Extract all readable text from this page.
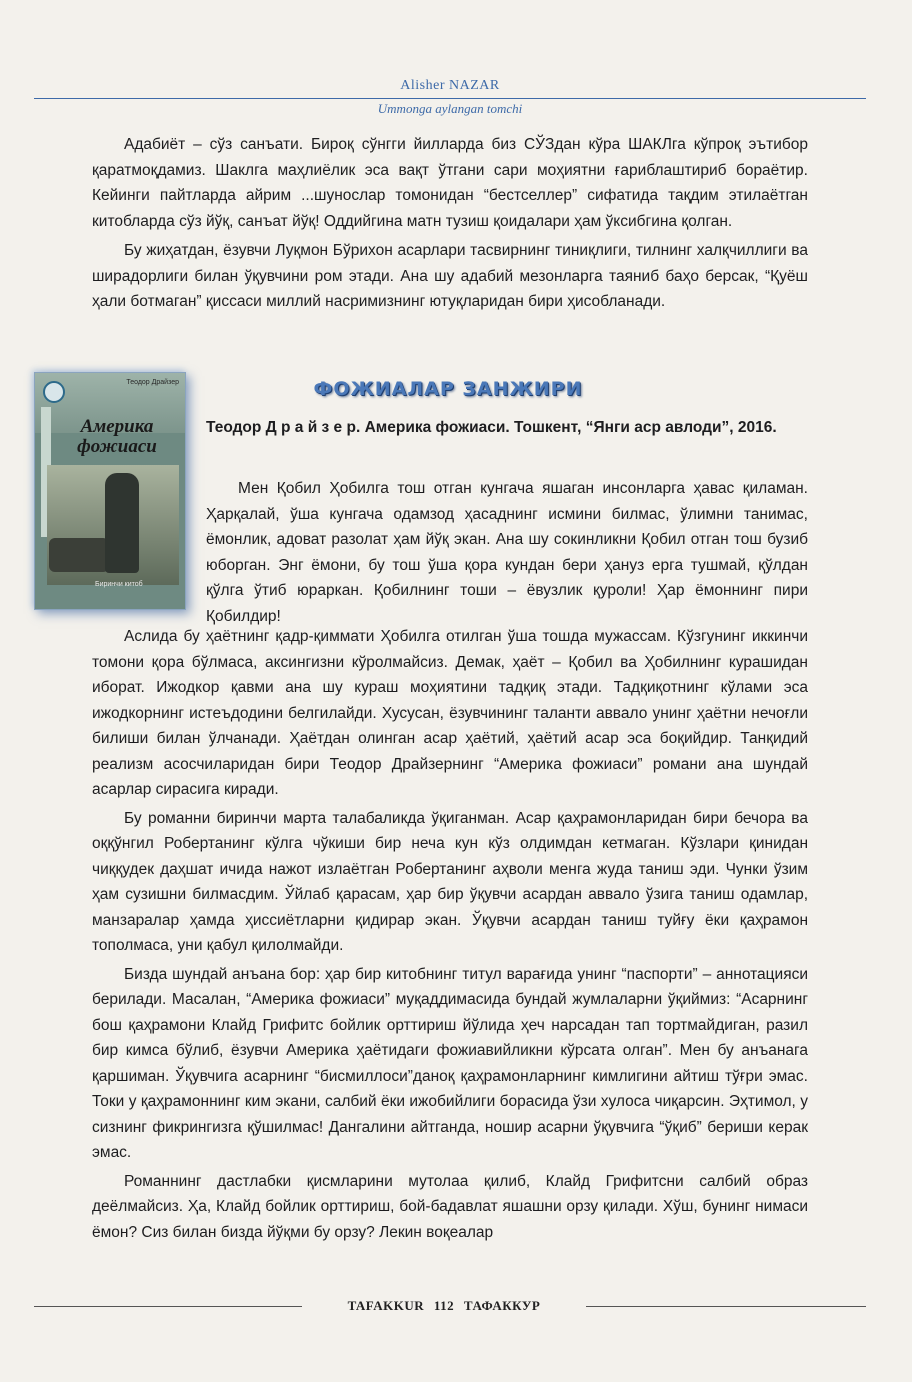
Alisher NAZAR
Ummonga aylangan tomchi

Адабиёт – сўз санъати. Бироқ сўнгги йилларда биз СЎЗдан кўра ШАКЛга кўпроқ эътибор қаратмоқдамиз. Шаклга маҳлиёлик эса вақт ўтгани сари моҳиятни ғариблаштириб бораётир. Кейинги пайтларда айрим ...шунослар томонидан “бестселлер” сифатида тақдим этилаётган китобларда сўз йўқ, санъат йўқ! Оддийгина матн тузиш қоидалари ҳам ўксибгина қолган.

Бу жиҳатдан, ёзувчи Луқмон Бўрихон асарлари тасвирнинг тиниқлиги, тилнинг халқчиллиги ва ширадорлиги билан ўқувчини ром этади. Ана шу адабий мезонларга таяниб баҳо берсак, “Қуёш ҳали ботмаган” қиссаси миллий насримизнинг ютуқларидан бири ҳисобланади.

Теодор Драйзер
Америка фожиаси
Биринчи китоб
ФОЖИАЛАР ЗАНЖИРИ
Теодор Д р а й з е р. Америка фожиаси. Тошкент, “Янги аср авлоди”, 2016.

Мен Қобил Ҳобилга тош отган кунгача яшаган инсонларга ҳавас қиламан. Ҳарқалай, ўша кунгача одамзод ҳасаднинг исмини билмас, ўлимни танимас, ёмонлик, адоват разолат ҳам йўқ экан. Ана шу сокинликни Қобил отган тош бузиб юборган. Энг ёмони, бу тош ўша қора кундан бери ҳануз ерга тушмай, қўлдан қўлга ўтиб юраркан. Қобилнинг тоши – ёвузлик қуроли! Ҳар ёмоннинг пири Қобилдир!

Аслида бу ҳаётнинг қадр-қиммати Ҳобилга отилган ўша тошда мужассам. Кўзгунинг иккинчи томони қора бўлмаса, аксингизни кўролмайсиз. Демак, ҳаёт – Қобил ва Ҳобилнинг курашидан иборат. Ижодкор қавми ана шу кураш моҳиятини тадқиқ этади. Тадқиқотнинг кўлами эса ижодкорнинг истеъдодини белгилайди. Хусусан, ёзувчининг таланти аввало унинг ҳаётни нечоғли билиши билан ўлчанади. Ҳаётдан олинган асар ҳаётий, ҳаётий асар эса боқийдир. Танқидий реализм асосчиларидан бири Теодор Драйзернинг “Америка фожиаси” романи ана шундай асарлар сирасига киради.

Бу романни биринчи марта талабаликда ўқиганман. Асар қаҳрамонларидан бири бечора ва оққўнгил Робертанинг кўлга чўкиши бир неча кун кўз олдимдан кетмаган. Кўзлари қинидан чиққудек даҳшат ичида нажот излаётган Робертанинг аҳволи менга жуда таниш эди. Чунки ўзим ҳам сузишни билмасдим. Ўйлаб қарасам, ҳар бир ўқувчи асардан аввало ўзига таниш одамлар, манзаралар ҳамда ҳиссиётларни қидирар экан. Ўқувчи асардан таниш туйғу ёки қаҳрамон тополмаса, уни қабул қилолмайди.

Бизда шундай анъана бор: ҳар бир китобнинг титул варағида унинг “паспорти” – аннотацияси берилади. Масалан, “Америка фожиаси” муқаддимасида бундай жумлаларни ўқиймиз: “Асарнинг бош қаҳрамони Клайд Грифитс бойлик орттириш йўлида ҳеч нарсадан тап тортмайдиган, разил бир кимса бўлиб, ёзувчи Америка ҳаётидаги фожиавийликни кўрсата олган”. Мен бу анъанага қаршиман. Ўқувчига асарнинг “бисмиллоси”даноқ қаҳрамонларнинг кимлигини айтиш тўғри эмас. Токи у қаҳрамоннинг ким экани, салбий ёки ижобийлиги борасида ўзи хулоса чиқарсин. Эҳтимол, у сизнинг фикрингизга қўшилмас! Дангалини айтганда, ношир асарни ўқувчига “ўқиб” бериши керак эмас.

Романнинг дастлабки қисмларини мутолаа қилиб, Клайд Грифитсни салбий образ деёлмайсиз. Ҳа, Клайд бойлик орттириш, бой-бадавлат яшашни орзу қилади. Хўш, бунинг нимаси ёмон? Сиз билан бизда йўқми бу орзу? Лекин воқеалар

TAFAKKUR 112 ТАФАККУР
